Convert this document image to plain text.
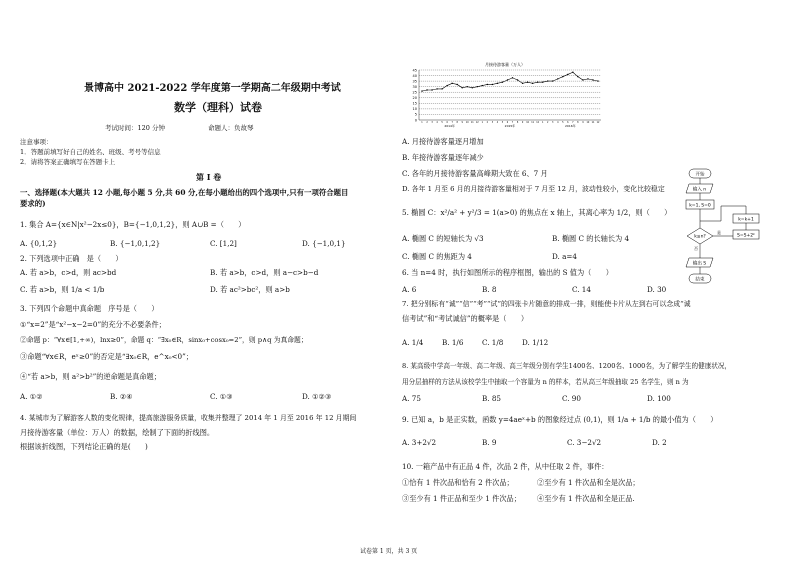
景博高中 2021-2022 学年度第一学期高二年级期中考试
数学（理科）试卷
考试时间：120 分钟	命题人：负故琴
注意事项：
1．答题前填写好自己的姓名、班级、考号等信息
2．请将答案正确填写在答题卡上
第 I 卷
一、选择题(本大题共 12 小题,每小题 5 分,共 60 分,在每小题给出的四个选项中,只有一项符合题目
要求的)
1. 集合 A={x∈N|x²−2x≤0}，B={−1,0,1,2}，则 A∪B =（　　）
A. {0,1,2}	B. {−1,0,1,2}	C. [1,2]	D. {−1,0,1}
2. 下列选项中正确　是（　　）
A. 若 a>b，c>d，则 ac>bd	B. 若 a>b，c>d，则 a−c>b−d
C. 若 a>b，则 1/a < 1/b	D. 若 ac²>bc²，则 a>b
3. 下列四个命题中真命题　序号是（　　）
①“x=2”是“x²−x−2=0”的充分不必要条件；
②命题 p：“∀x∈[1,+∞)，lnx≥0”，命题 q：“∃x₀∈R，sinx₀+cosx₀=2”，则 p∧q 为真命题；
③命题“∀x∈R，eˣ≥0”的否定是“∃x₀∈R，e^x₀<0”；
④“若 a>b，则 a²>b²”的逆命题是真命题；
A. ①②	B. ②④	C. ①③	D. ①②③
4. 某城市为了解游客人数的变化规律，提高旅游服务质量，收集并整理了 2014 年 1 月至 2016 年 12 月期间
月接待游客量（单位：万人）的数据，绘制了下面的折线图。
根据该折线图，下列结论正确的是(　　)
月接待游客量（万人）
45
40
35
30
25
20
15
10
5
0
1 2 3 4 5 6 7 8 9 10 11 12 1 2 3 4 5 6 7 8 9 10 11 12 1 2 3 4 5 6 7 8 9 10 11 12
2014年	2015年	2016年
A. 月接待游客量逐月增加
B. 年接待游客量逐年减少
C. 各年的月接待游客量高峰期大致在 6、7 月
D. 各年 1 月至 6 月的月接待游客量相对于 7 月至 12 月，波动性较小，变化比较稳定
5. 椭圆 C：x²/a² + y²/3 = 1(a>0) 的焦点在 x 轴上，其离心率为 1/2，则（　　）
A. 椭圆 C 的短轴长为 √3	B. 椭圆 C 的长轴长为 4
C. 椭圆 C 的焦距为 4	D. a=4
6. 当 n=4 时，执行如图所示的程序框图，输出的 S 值为（　　）
A. 6	B. 8	C. 14	D. 30
7. 把分别标有“诚”“信”“考”“试”的四张卡片随意的排成一排，则能使卡片从左到右可以念成“诚
信考试”和“考试诚信”的概率是（　　）
A. 1/4	B. 1/6	C. 1/8	D. 1/12
8. 某高级中学高一年级、高二年级、高三年级分别有学生1400名、1200名、1000名，为了解学生的健康状况，
用分层抽样的方法从该校学生中抽取一个容量为 n 的样本，若从高三年级抽取 25 名学生，则 n 为
A. 75	B. 85	C. 90	D. 100
9. 已知 a，b 是正实数，函数 y=4aeˣ+b 的图象经过点 (0,1)，则 1/a + 1/b 的最小值为（　　）
A. 3+2√2	B. 9	C. 3−2√2	D. 2
10. 一箱产品中有正品 4 件，次品 2 件，从中任取 2 件，事件：
①恰有 1 件次品和恰有 2 件次品；	②至少有 1 件次品和全是次品；
③至少有 1 件正品和至少 1 件次品； ④至少有 1 件次品和全是正品.
开始
输入 n
k=1, S=0
k≤n?
是
S=S+2ᵏ
k=k+1
否
输出 S
结束
试卷第 1 页，共 3 页
